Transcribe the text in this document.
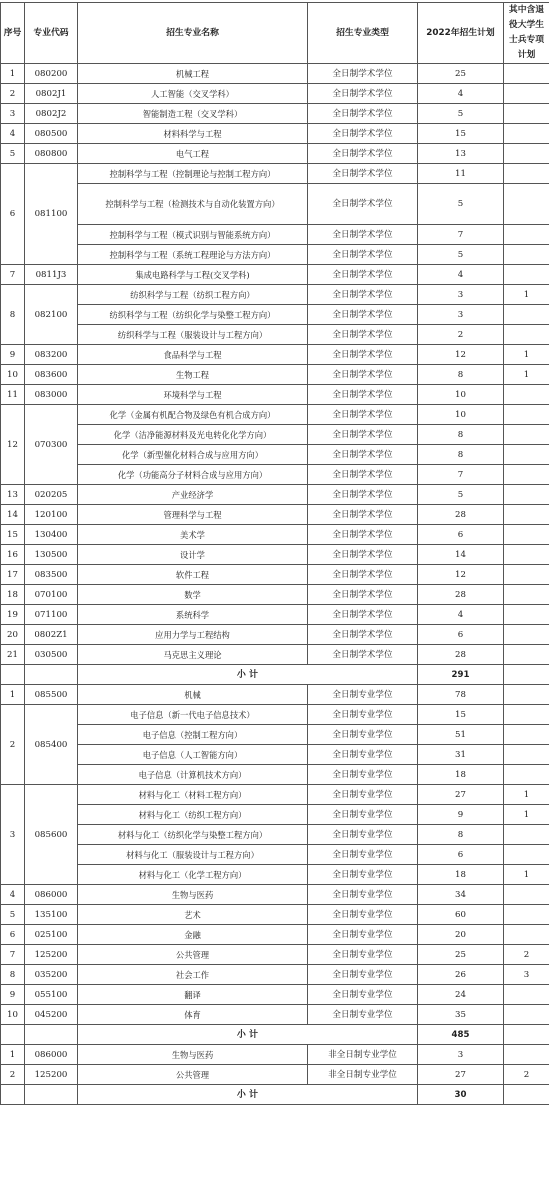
序号	专业代码	招生专业名称	招生专业类型	2022年招生计划	其中含退役大学生士兵专项计划
1	080200	机械工程	全日制学术学位	25	
2	0802J1	人工智能（交叉学科）	全日制学术学位	4	
3	0802J2	智能制造工程（交叉学科）	全日制学术学位	5	
4	080500	材料科学与工程	全日制学术学位	15	
5	080800	电气工程	全日制学术学位	13	
6	081100	控制科学与工程（控制理论与控制工程方向）	全日制学术学位	11	
		控制科学与工程（检测技术与自动化装置方向）	全日制学术学位	5	
		控制科学与工程（模式识别与智能系统方向）	全日制学术学位	7	
		控制科学与工程（系统工程理论与方法方向）	全日制学术学位	5	
7	0811J3	集成电路科学与工程(交叉学科)	全日制学术学位	4	
8	082100	纺织科学与工程（纺织工程方向）	全日制学术学位	3	1
		纺织科学与工程（纺织化学与染整工程方向）	全日制学术学位	3	
		纺织科学与工程（服装设计与工程方向）	全日制学术学位	2	
9	083200	食品科学与工程	全日制学术学位	12	1
10	083600	生物工程	全日制学术学位	8	1
11	083000	环境科学与工程	全日制学术学位	10	
12	070300	化学（金属有机配合物及绿色有机合成方向）	全日制学术学位	10	
		化学（洁净能源材料及光电转化化学方向）	全日制学术学位	8	
		化学（新型催化材料合成与应用方向）	全日制学术学位	8	
		化学（功能高分子材料合成与应用方向）	全日制学术学位	7	
13	020205	产业经济学	全日制学术学位	5	
14	120100	管理科学与工程	全日制学术学位	28	
15	130400	美术学	全日制学术学位	6	
16	130500	设计学	全日制学术学位	14	
17	083500	软件工程	全日制学术学位	12	
18	070100	数学	全日制学术学位	28	
19	071100	系统科学	全日制学术学位	4	
20	0802Z1	应用力学与工程结构	全日制学术学位	6	
21	030500	马克思主义理论	全日制学术学位	28	
		小 计		291	
1	085500	机械	全日制专业学位	78	
2	085400	电子信息（新一代电子信息技术）	全日制专业学位	15	
		电子信息（控制工程方向）	全日制专业学位	51	
		电子信息（人工智能方向）	全日制专业学位	31	
		电子信息（计算机技术方向）	全日制专业学位	18	
3	085600	材料与化工（材料工程方向）	全日制专业学位	27	1
		材料与化工（纺织工程方向）	全日制专业学位	9	1
		材料与化工（纺织化学与染整工程方向）	全日制专业学位	8	
		材料与化工（服装设计与工程方向）	全日制专业学位	6	
		材料与化工（化学工程方向）	全日制专业学位	18	1
4	086000	生物与医药	全日制专业学位	34	
5	135100	艺术	全日制专业学位	60	
6	025100	金融	全日制专业学位	20	
7	125200	公共管理	全日制专业学位	25	2
8	035200	社会工作	全日制专业学位	26	3
9	055100	翻译	全日制专业学位	24	
10	045200	体育	全日制专业学位	35	
		小 计		485	
1	086000	生物与医药	非全日制专业学位	3	
2	125200	公共管理	非全日制专业学位	27	2
		小 计		30	
